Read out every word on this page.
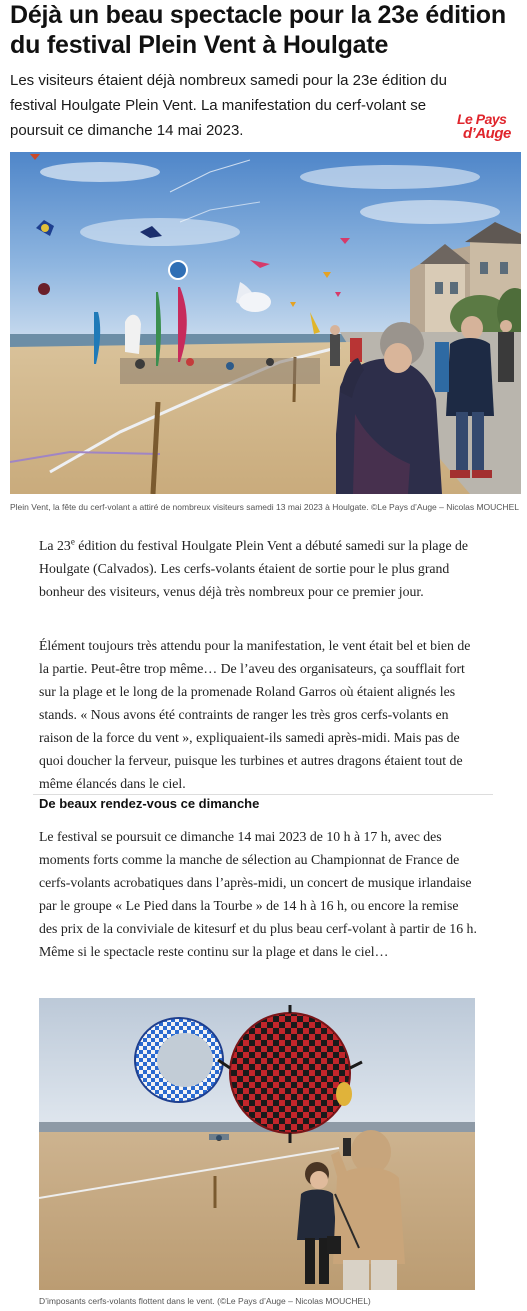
Déjà un beau spectacle pour la 23e édition du festival Plein Vent à Houlgate

Les visiteurs étaient déjà nombreux samedi pour la 23e édition du festival Houlgate Plein Vent. La manifestation du cerf-volant se poursuit ce dimanche 14 mai 2023.

Le Pays
d’Auge

Plein Vent, la fête du cerf-volant a attiré de nombreux visiteurs samedi 13 mai 2023 à Houlgate. ©Le Pays d’Auge – Nicolas MOUCHEL

La 23e édition du festival Houlgate Plein Vent a débuté samedi sur la plage de Houlgate (Calvados). Les cerfs-volants étaient de sortie pour le plus grand bonheur des visiteurs, venus déjà très nombreux pour ce premier jour.

Élément toujours très attendu pour la manifestation, le vent était bel et bien de la partie. Peut-être trop même… De l’aveu des organisateurs, ça soufflait fort sur la plage et le long de la promenade Roland Garros où étaient alignés les stands. « Nous avons été contraints de ranger les très gros cerfs-volants en raison de la force du vent », expliquaient-ils samedi après-midi. Mais pas de quoi doucher la ferveur, puisque les turbines et autres dragons étaient tout de même élancés dans le ciel.

De beaux rendez-vous ce dimanche

Le festival se poursuit ce dimanche 14 mai 2023 de 10 h à 17 h, avec des moments forts comme la manche de sélection au Championnat de France de cerfs-volants acrobatiques dans l’après-midi, un concert de musique irlandaise par le groupe « Le Pied dans la Tourbe » de 14 h à 16 h, ou encore la remise des prix de la conviviale de kitesurf et du plus beau cerf-volant à partir de 16 h. Même si le spectacle reste continu sur la plage et dans le ciel…

D’imposants cerfs-volants flottent dans le vent. (©Le Pays d’Auge – Nicolas MOUCHEL)
